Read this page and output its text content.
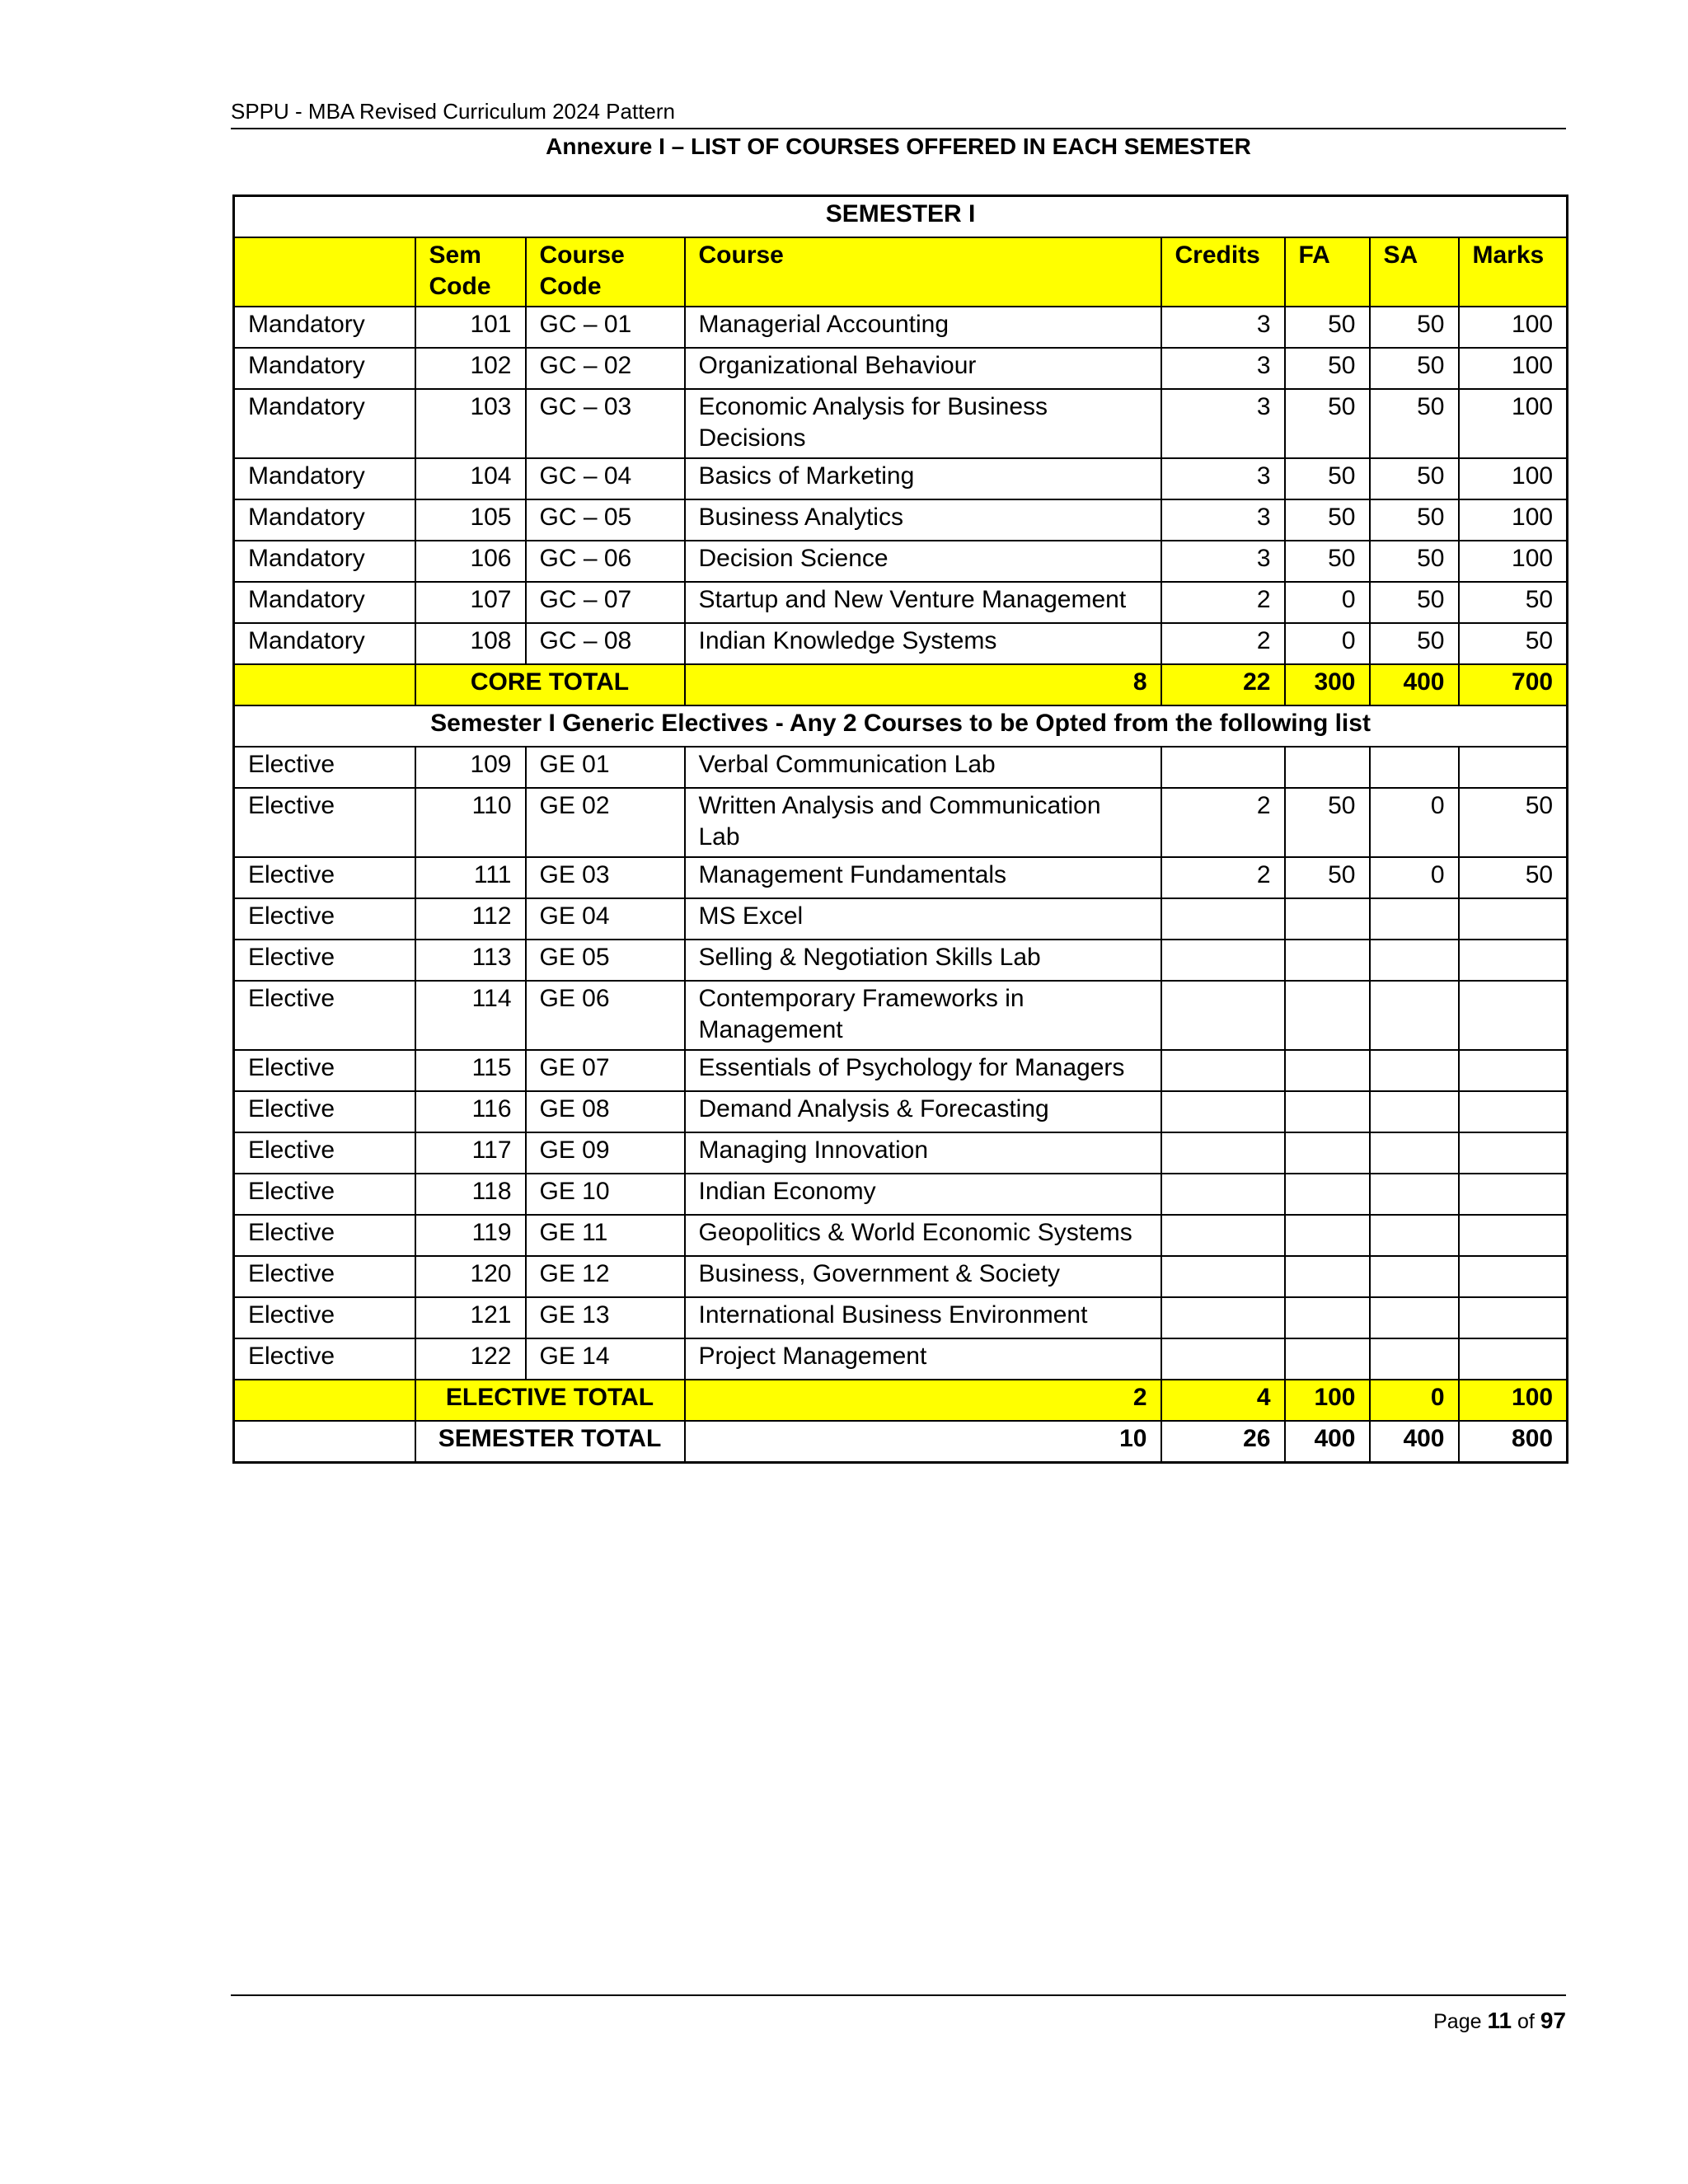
SPPU - MBA Revised Curriculum 2024 Pattern
Annexure I – LIST OF COURSES OFFERED IN EACH SEMESTER
SEMESTER I							
	Sem Code	Course Code	Course	Credits	FA	SA	Marks
Mandatory	101	GC – 01	Managerial Accounting	3	50	50	100
Mandatory	102	GC – 02	Organizational Behaviour	3	50	50	100
Mandatory	103	GC – 03	Economic Analysis for Business Decisions	3	50	50	100
Mandatory	104	GC – 04	Basics of Marketing	3	50	50	100
Mandatory	105	GC – 05	Business Analytics	3	50	50	100
Mandatory	106	GC – 06	Decision Science	3	50	50	100
Mandatory	107	GC – 07	Startup and New Venture Management	2	0	50	50
Mandatory	108	GC – 08	Indian Knowledge Systems	2	0	50	50
	CORE TOTAL		8	22	300	400	700
Semester I Generic Electives - Any 2 Courses to be Opted from the following list							
Elective	109	GE 01	Verbal Communication Lab				
Elective	110	GE 02	Written Analysis and Communication Lab	2	50	0	50
Elective	111	GE 03	Management Fundamentals	2	50	0	50
Elective	112	GE 04	MS Excel				
Elective	113	GE 05	Selling & Negotiation Skills Lab				
Elective	114	GE 06	Contemporary Frameworks in Management				
Elective	115	GE 07	Essentials of Psychology for Managers				
Elective	116	GE 08	Demand Analysis & Forecasting				
Elective	117	GE 09	Managing Innovation				
Elective	118	GE 10	Indian Economy				
Elective	119	GE 11	Geopolitics & World Economic Systems				
Elective	120	GE 12	Business, Government & Society				
Elective	121	GE 13	International Business Environment				
Elective	122	GE 14	Project Management				
	ELECTIVE TOTAL		2	4	100	0	100
	SEMESTER TOTAL		10	26	400	400	800
Page 11 of 97
